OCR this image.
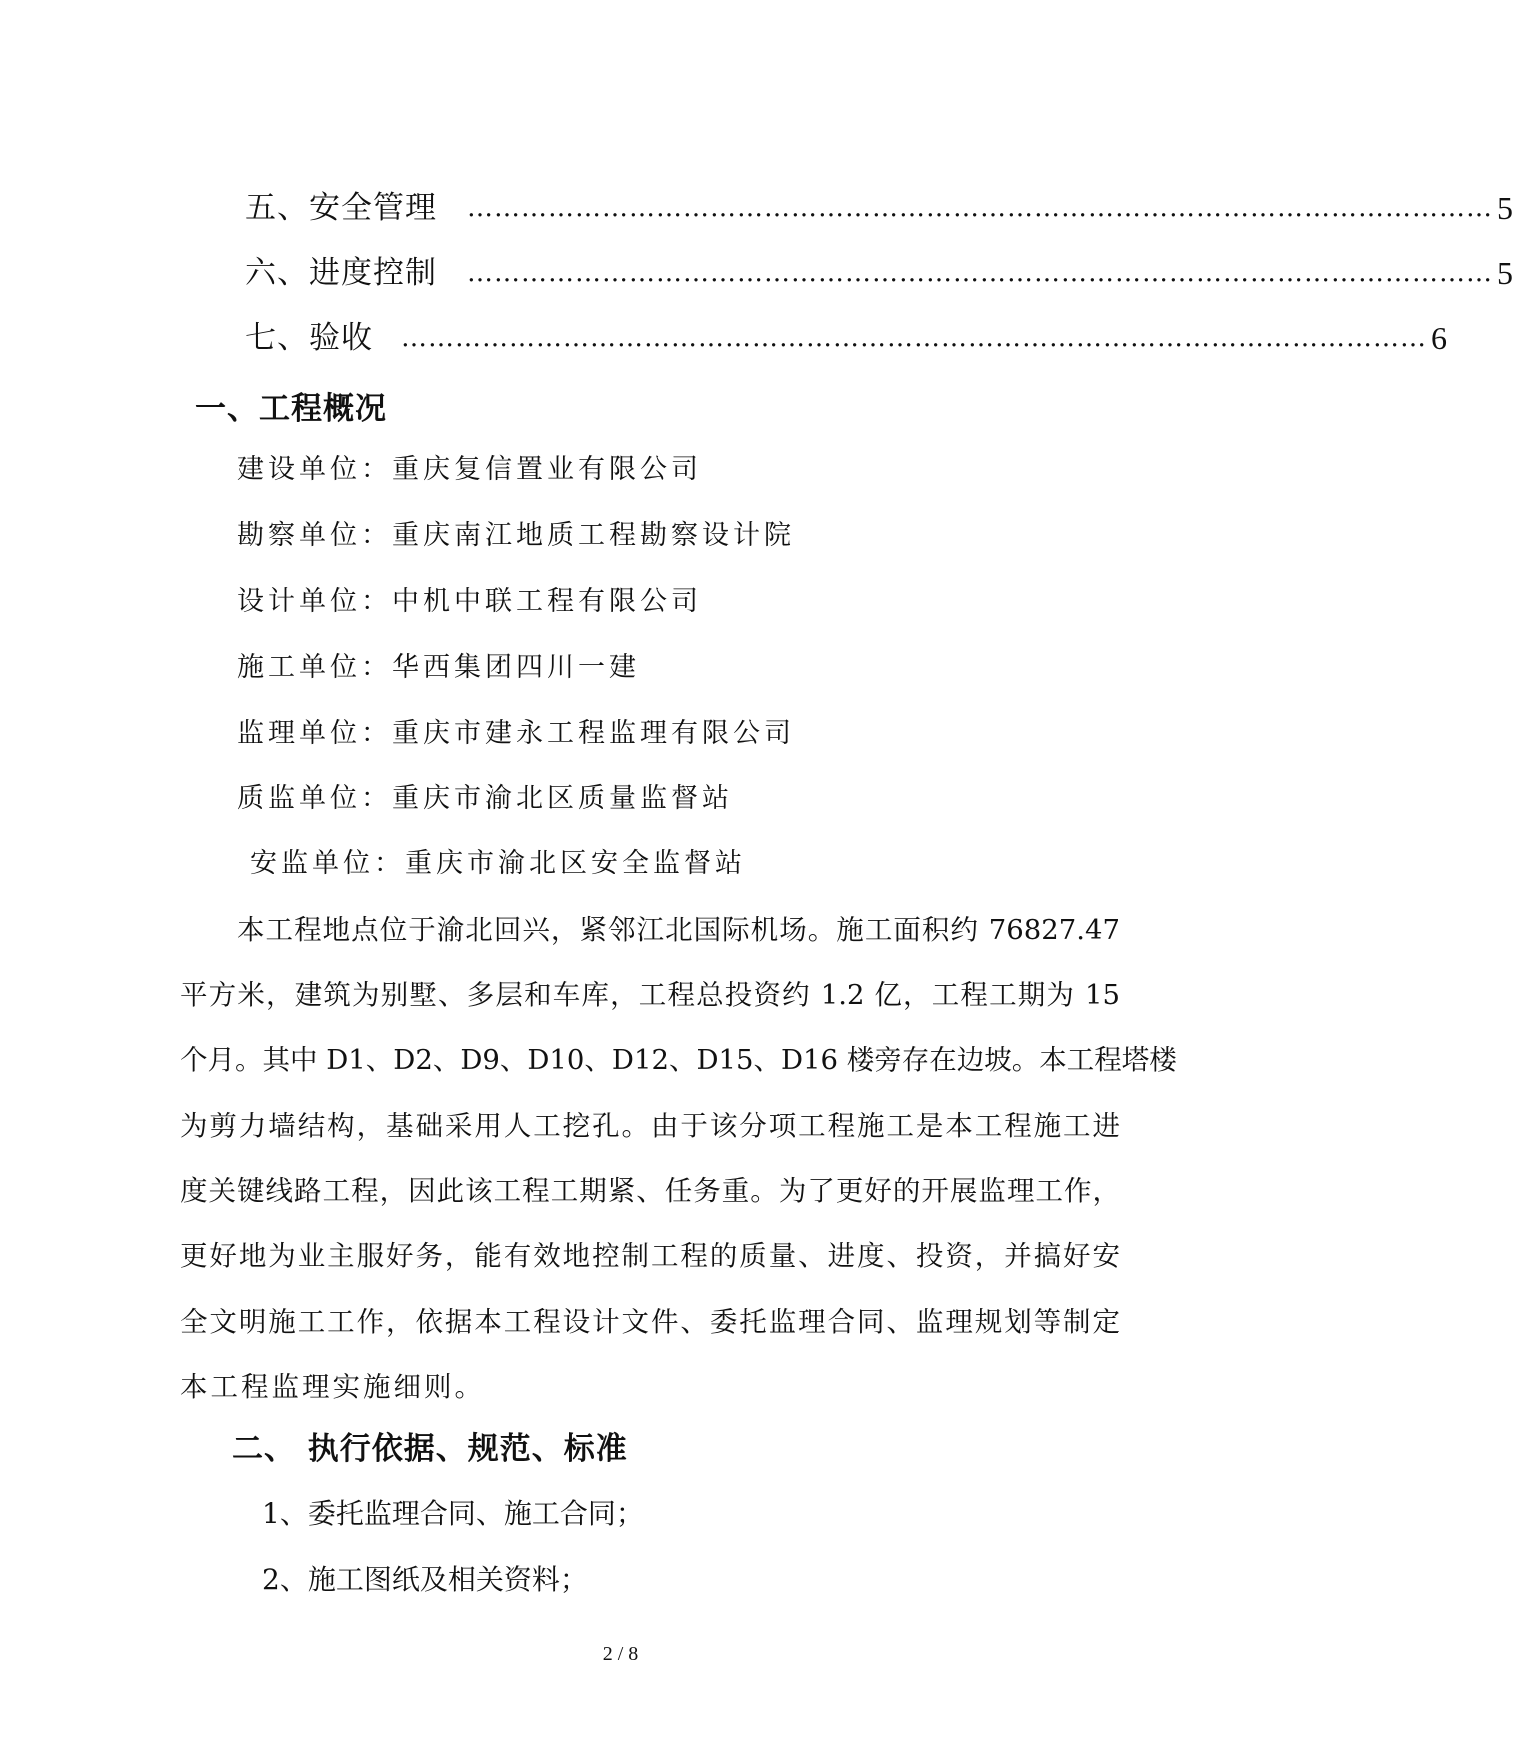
五、安全管理 …………………………………………………………………………………………………… 5
六、进度控制 …………………………………………………………………………………………………… 5
七、验收 …………………………………………………………………………………………………… 6
一、工程概况
建设单位：重庆复信置业有限公司
勘察单位：重庆南江地质工程勘察设计院
设计单位：中机中联工程有限公司
施工单位：华西集团四川一建
监理单位：重庆市建永工程监理有限公司
质监单位：重庆市渝北区质量监督站
安监单位：重庆市渝北区安全监督站
本工程地点位于渝北回兴，紧邻江北国际机场。施工面积约 76827.47
平方米，建筑为别墅、多层和车库，工程总投资约 1.2 亿，工程工期为 15
个月。其中 D1、D2、D9、D10、D12、D15、D16 楼旁存在边坡。本工程塔楼
为剪力墙结构，基础采用人工挖孔。由于该分项工程施工是本工程施工进
度关键线路工程，因此该工程工期紧、任务重。为了更好的开展监理工作，
更好地为业主服好务，能有效地控制工程的质量、进度、投资，并搞好安
全文明施工工作，依据本工程设计文件、委托监理合同、监理规划等制定
本工程监理实施细则。
二、 执行依据、规范、标准
1、委托监理合同、施工合同；
2、施工图纸及相关资料；
2 / 8
